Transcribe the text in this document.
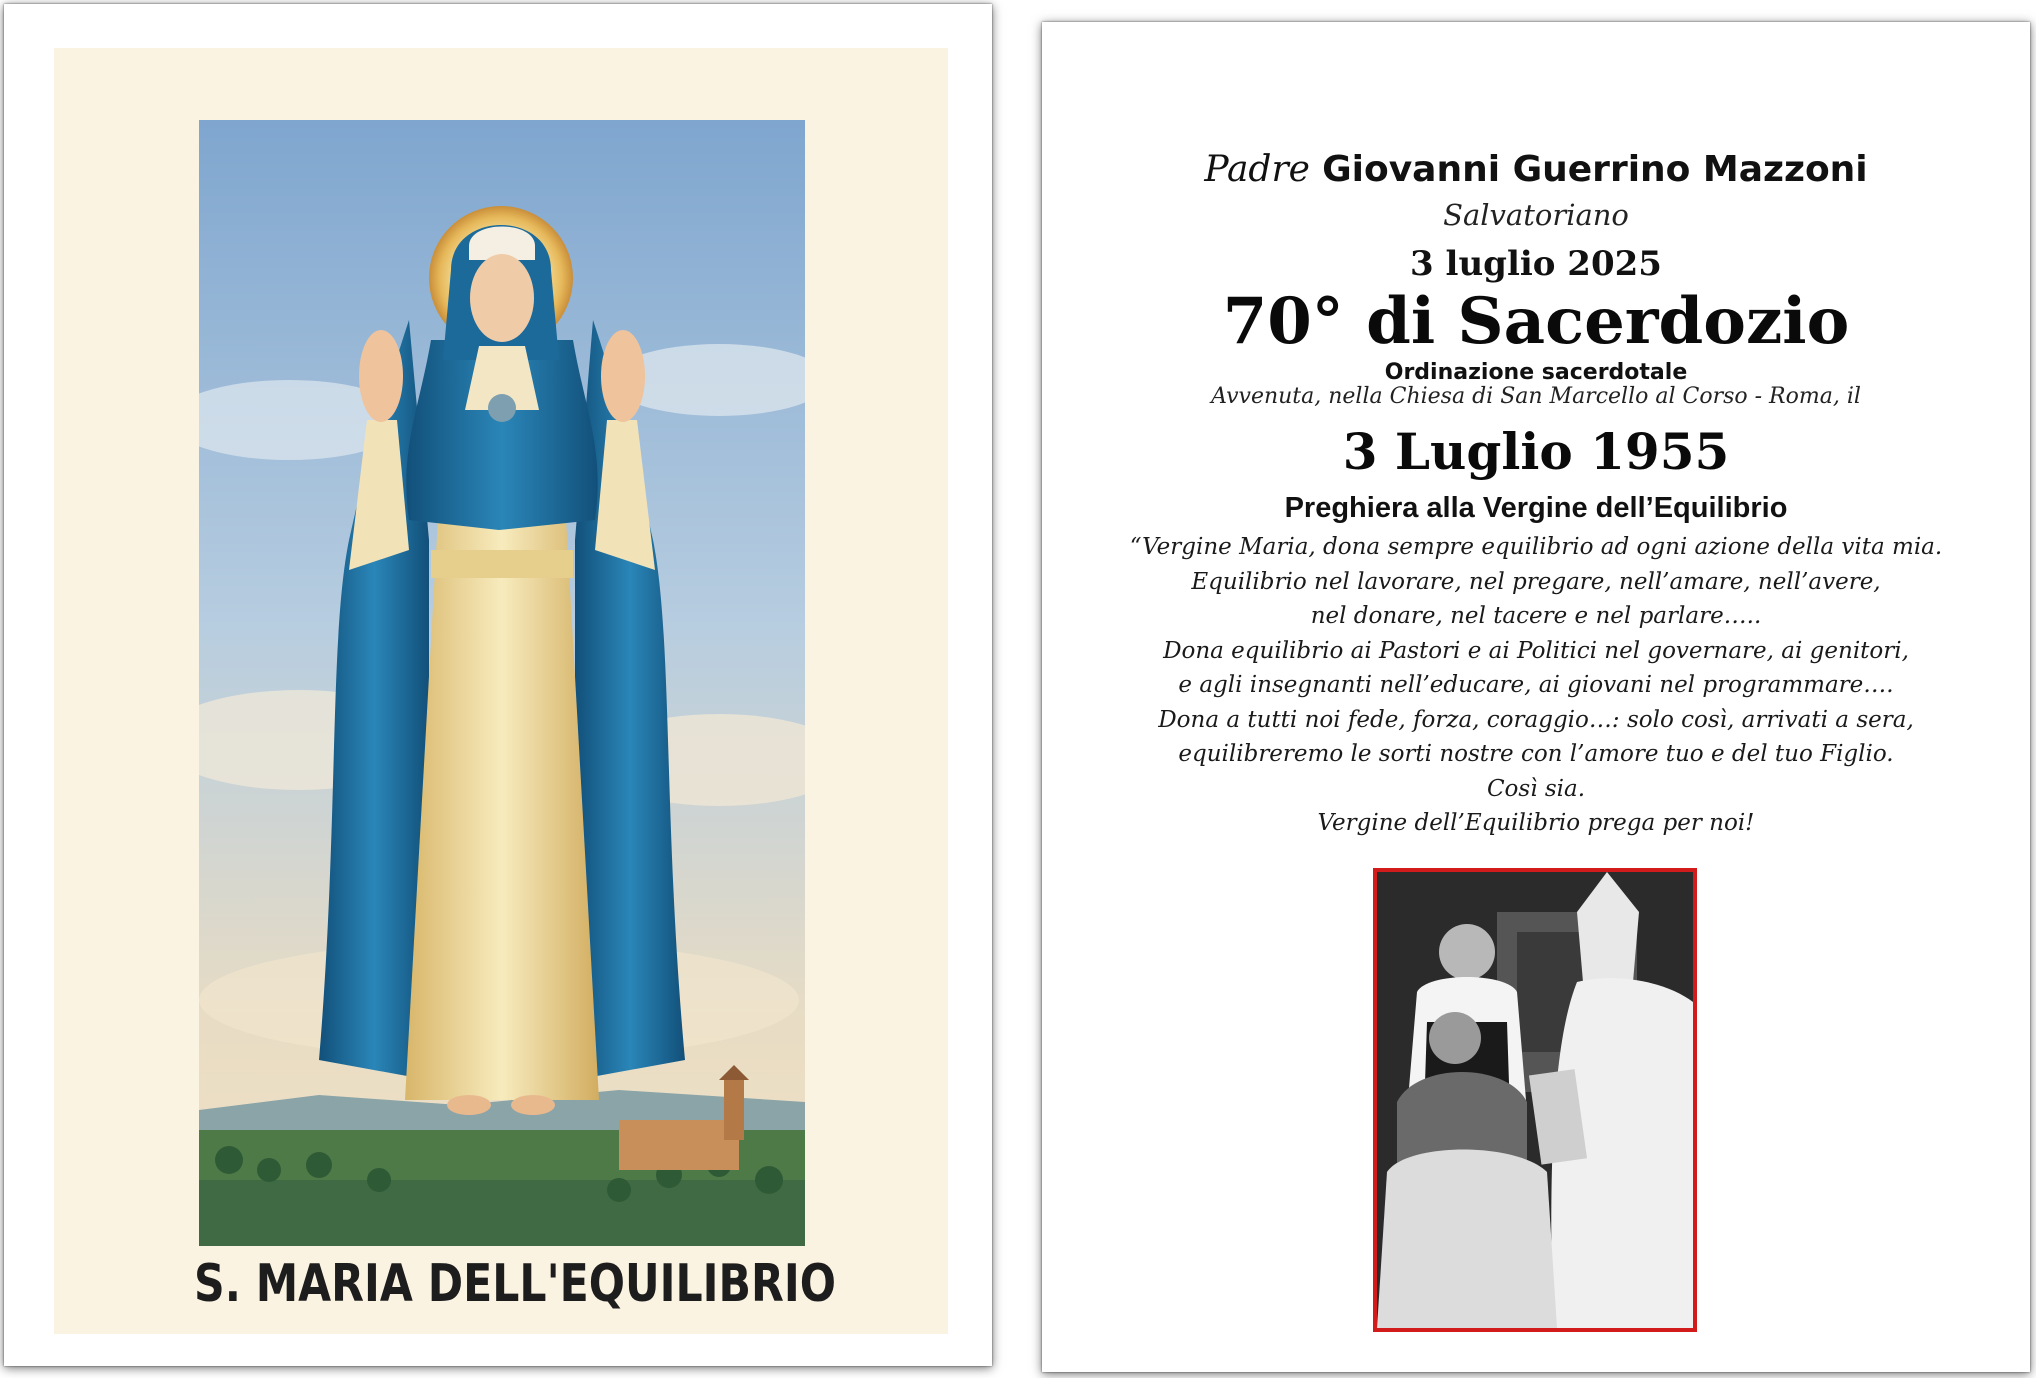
S. MARIA DELL'EQUILIBRIO
Padre Giovanni Guerrino Mazzoni
Salvatoriano
3 luglio 2025
70° di Sacerdozio
Ordinazione sacerdotale
Avvenuta, nella Chiesa di San Marcello al Corso - Roma, il
3 Luglio 1955
Preghiera alla Vergine dell’Equilibrio
“Vergine Maria, dona sempre equilibrio ad ogni azione della vita mia.
Equilibrio nel lavorare, nel pregare, nell’amare, nell’avere,
nel donare, nel tacere e nel parlare…..
Dona equilibrio ai Pastori e ai Politici nel governare, ai genitori,
e agli insegnanti nell’educare, ai giovani nel programmare….
Dona a tutti noi fede, forza, coraggio…: solo così, arrivati a sera,
equilibreremo le sorti nostre con l’amore tuo e del tuo Figlio.
Così sia.
Vergine dell’Equilibrio prega per noi!
